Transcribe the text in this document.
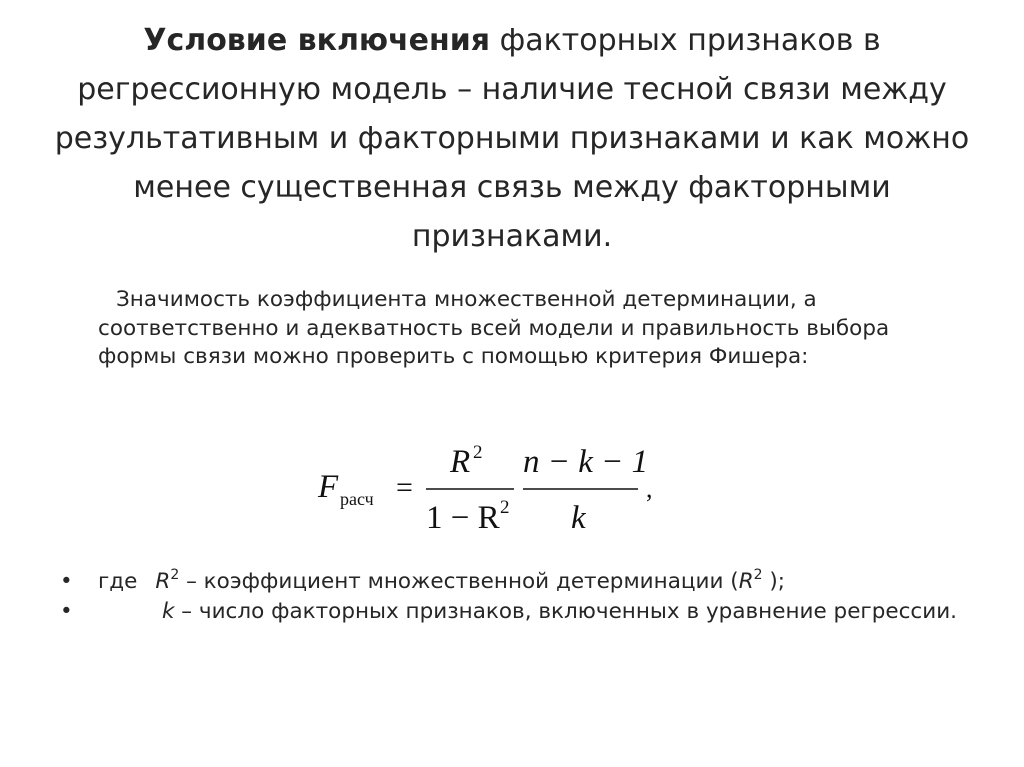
Условие включения факторных признаков в регрессионную модель – наличие тесной связи между результативным и факторными признаками и как можно менее существенная связь между факторными признаками.
Значимость коэффициента множественной детерминации, а соответственно и адекватность всей модели и правильность выбора формы связи можно проверить с помощью критерия Фишера:
F расч =
R 2
1 − R 2
n − k − 1
k
,
•	где $R^2$ – коэффициент множественной детерминации ($R^2$ );
•	k – число факторных признаков, включенных в уравнение регрессии.
